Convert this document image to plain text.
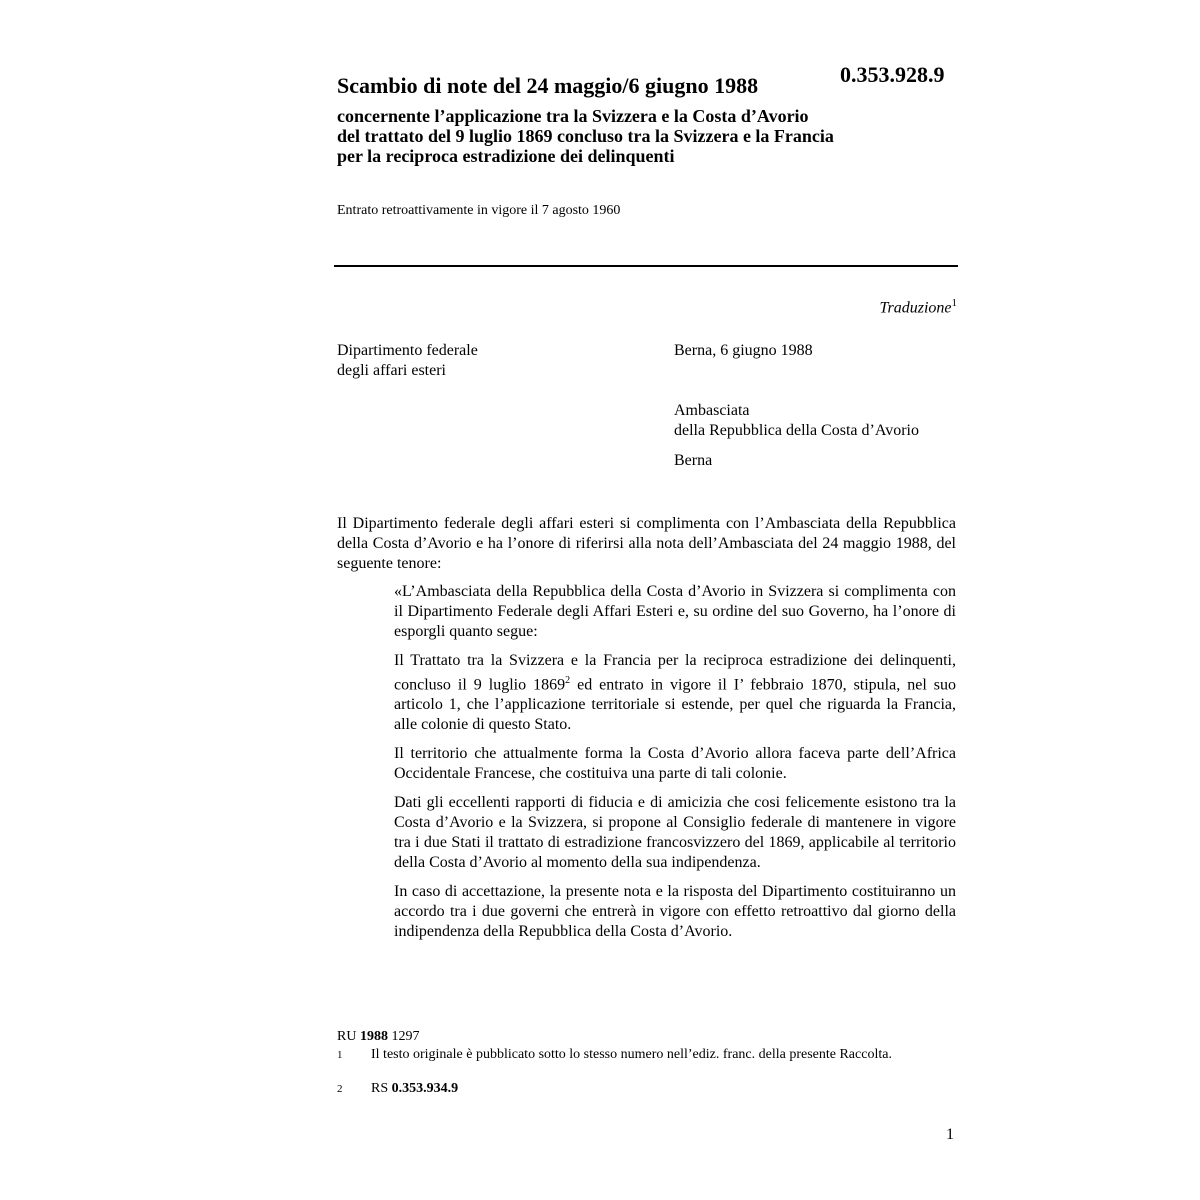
Scambio di note del 24 maggio/6 giugno 1988	0.353.928.9
concernente l’applicazione tra la Svizzera e la Costa d’Avorio
del trattato del 9 luglio 1869 concluso tra la Svizzera e la Francia
per la reciproca estradizione dei delinquenti
Entrato retroattivamente in vigore il 7 agosto 1960
Traduzione$^1$
Dipartimento federale
degli affari esteri
Berna, 6 giugno 1988
Ambasciata
della Repubblica della Costa d’Avorio
Berna
Il Dipartimento federale degli affari esteri si complimenta con l’Ambasciata della Repubblica della Costa d’Avorio e ha l’onore di riferirsi alla nota dell’Ambasciata del 24 maggio 1988, del seguente tenore:

«L’Ambasciata della Repubblica della Costa d’Avorio in Svizzera si complimenta con il Dipartimento Federale degli Affari Esteri e, su ordine del suo Governo, ha l’onore di esporgli quanto segue:

Il Trattato tra la Svizzera e la Francia per la reciproca estradizione dei delinquenti, concluso il 9 luglio 1869$^2$ ed entrato in vigore il I’ febbraio 1870, stipula, nel suo articolo 1, che l’applicazione territoriale si estende, per quel che riguarda la Francia, alle colonie di questo Stato.

Il territorio che attualmente forma la Costa d’Avorio allora faceva parte dell’Africa Occidentale Francese, che costituiva una parte di tali colonie.

Dati gli eccellenti rapporti di fiducia e di amicizia che cosi felicemente esistono tra la Costa d’Avorio e la Svizzera, si propone al Consiglio federale di mantenere in vigore tra i due Stati il trattato di estradizione francosvizzero del 1869, applicabile al territorio della Costa d’Avorio al momento della sua indipendenza.

In caso di accettazione, la presente nota e la risposta del Dipartimento costituiranno un accordo tra i due governi che entrerà in vigore con effetto retroattivo dal giorno della indipendenza della Repubblica della Costa d’Avorio.

RU 1988 1297
1	Il testo originale è pubblicato sotto lo stesso numero nell’ediz. franc. della presente Raccolta.
2	RS 0.353.934.9
1
